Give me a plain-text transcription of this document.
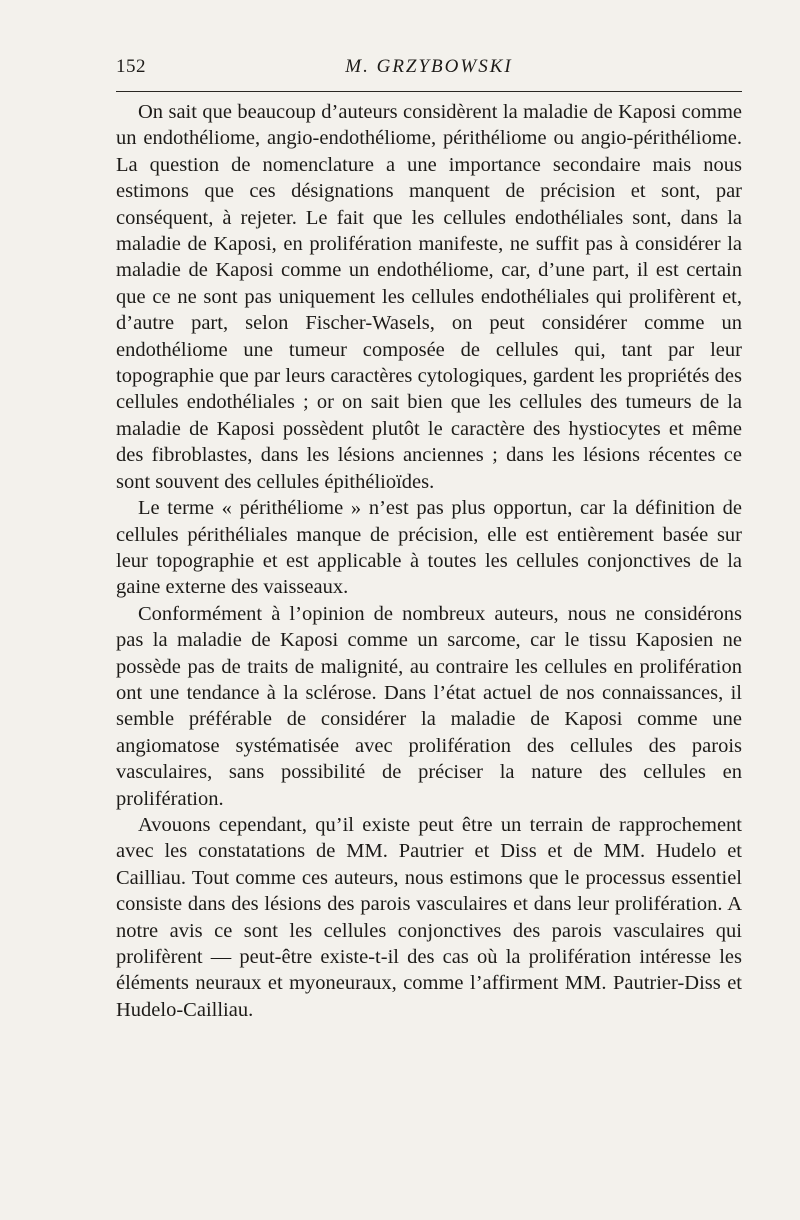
152	M. GRZYBOWSKI

On sait que beaucoup d’auteurs considèrent la maladie de Kaposi comme un endothéliome, angio-endothéliome, périthéliome ou angio-périthéliome. La question de nomenclature a une importance secondaire mais nous estimons que ces désignations manquent de précision et sont, par conséquent, à rejeter. Le fait que les cellules endothéliales sont, dans la maladie de Kaposi, en prolifération manifeste, ne suffit pas à considérer la maladie de Kaposi comme un endothéliome, car, d’une part, il est certain que ce ne sont pas uniquement les cellules endothéliales qui prolifèrent et, d’autre part, selon Fischer-Wasels, on peut considérer comme un endothéliome une tumeur composée de cellules qui, tant par leur topographie que par leurs caractères cytologiques, gardent les propriétés des cellules endothéliales ; or on sait bien que les cellules des tumeurs de la maladie de Kaposi possèdent plutôt le caractère des hystiocytes et même des fibroblastes, dans les lésions anciennes ; dans les lésions récentes ce sont souvent des cellules épithélioïdes.

Le terme « périthéliome » n’est pas plus opportun, car la définition de cellules périthéliales manque de précision, elle est entièrement basée sur leur topographie et est applicable à toutes les cellules conjonctives de la gaine externe des vaisseaux.

Conformément à l’opinion de nombreux auteurs, nous ne considérons pas la maladie de Kaposi comme un sarcome, car le tissu Kaposien ne possède pas de traits de malignité, au contraire les cellules en prolifération ont une tendance à la sclérose. Dans l’état actuel de nos connaissances, il semble préférable de considérer la maladie de Kaposi comme une angiomatose systématisée avec prolifération des cellules des parois vasculaires, sans possibilité de préciser la nature des cellules en prolifération.

Avouons cependant, qu’il existe peut être un terrain de rapprochement avec les constatations de MM. Pautrier et Diss et de MM. Hudelo et Cailliau. Tout comme ces auteurs, nous estimons que le processus essentiel consiste dans des lésions des parois vasculaires et dans leur prolifération. A notre avis ce sont les cellules conjonctives des parois vasculaires qui prolifèrent — peut-être existe-t-il des cas où la prolifération intéresse les éléments neuraux et myoneuraux, comme l’affirment MM. Pautrier-Diss et Hudelo-Cailliau.
